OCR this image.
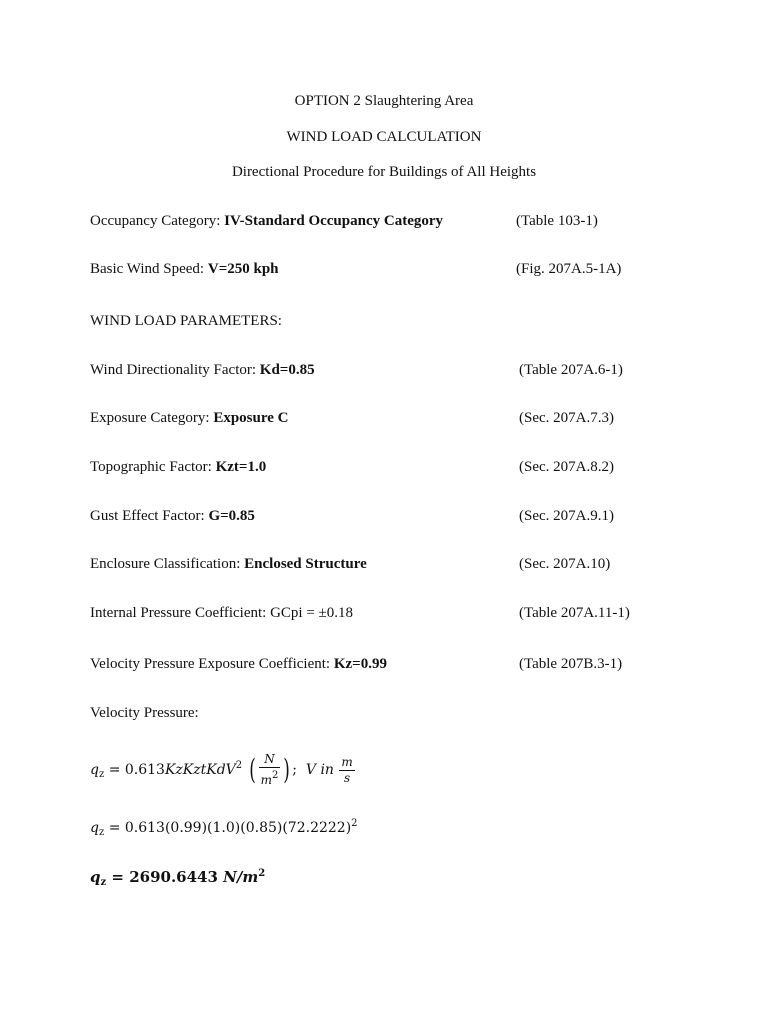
OPTION 2 Slaughtering Area
WIND LOAD CALCULATION
Directional Procedure for Buildings of All Heights
Occupancy Category: IV-Standard Occupancy Category	(Table 103-1)
Basic Wind Speed: V=250 kph	(Fig. 207A.5-1A)
WIND LOAD PARAMETERS:
Wind Directionality Factor: Kd=0.85	(Table 207A.6-1)
Exposure Category: Exposure C	(Sec. 207A.7.3)
Topographic Factor: Kzt=1.0	(Sec. 207A.8.2)
Gust Effect Factor: G=0.85	(Sec. 207A.9.1)
Enclosure Classification: Enclosed Structure	(Sec. 207A.10)
Internal Pressure Coefficient: GCpi = ±0.18	(Table 207A.11-1)
Velocity Pressure Exposure Coefficient: Kz=0.99	(Table 207B.3-1)
Velocity Pressure:
$q_z$ = 0.613KzKztKdV$^2$ ( $\frac{N}{m^2}$ ) ; V in $\frac{m}{s}$
$q_z = 0.613(0.99)(1.0)(0.85)(72.2222)^2$
$q_z = 2690.6443$ $N/m^2$
